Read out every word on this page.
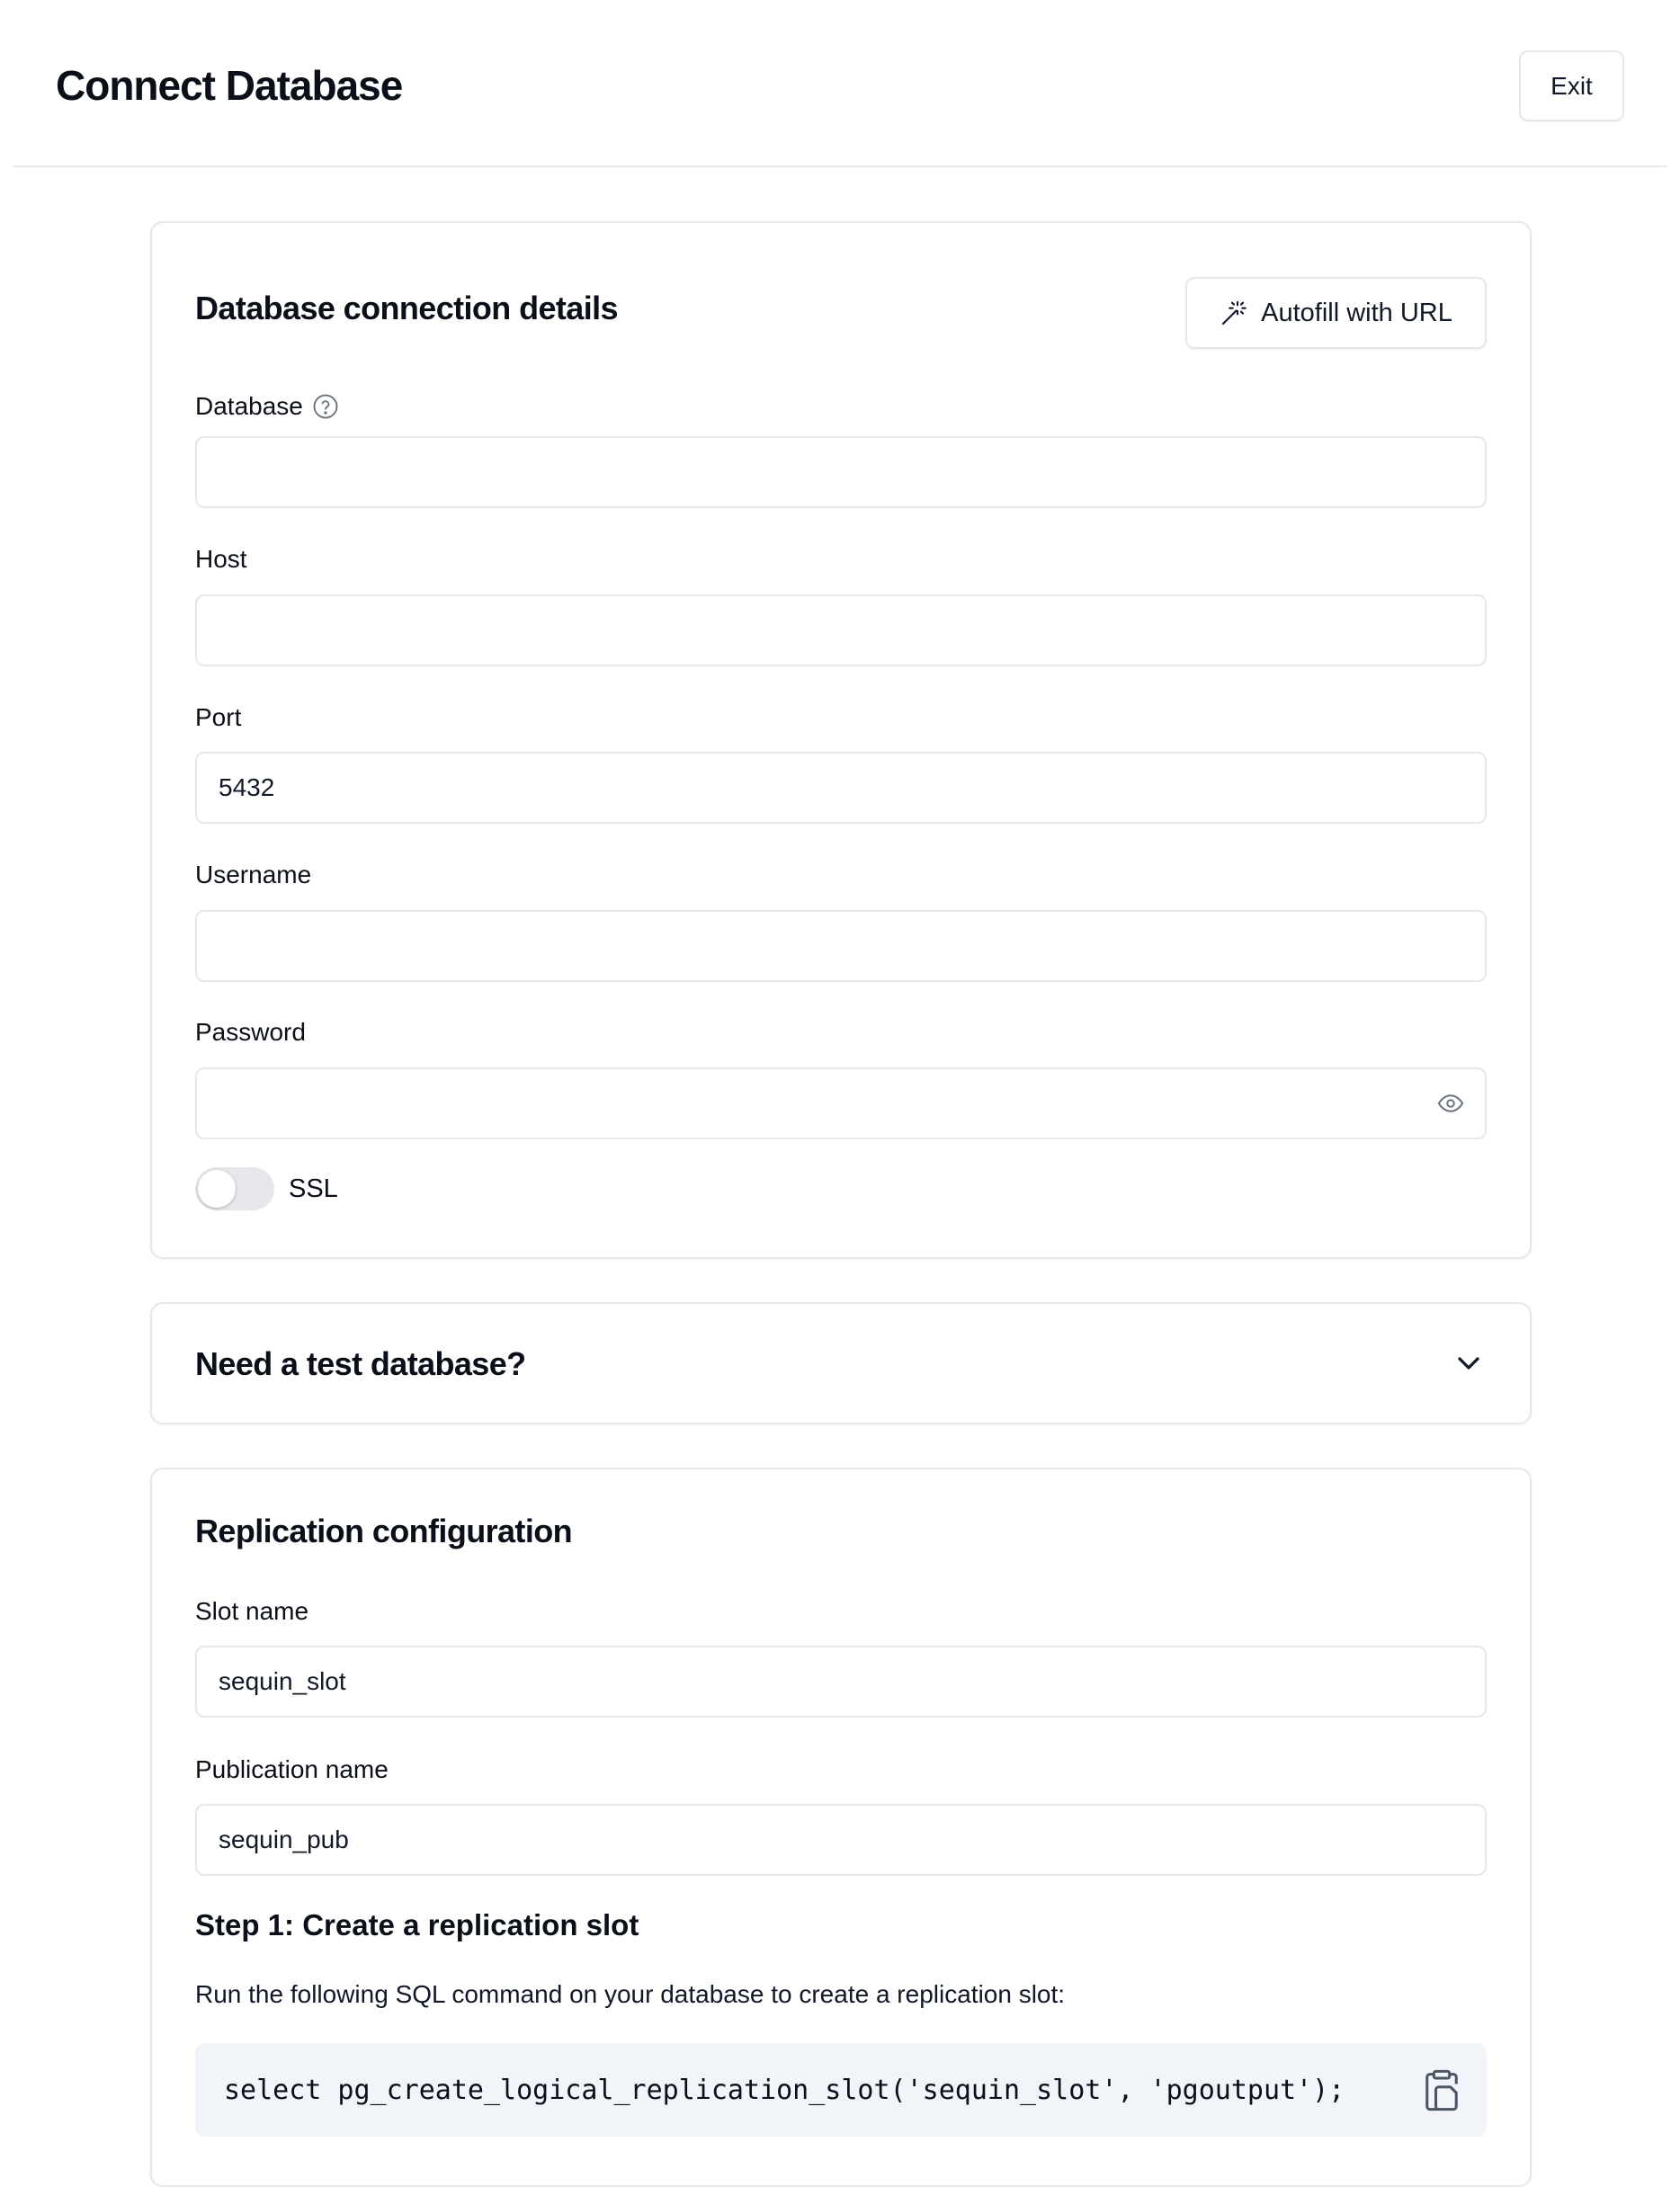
Connect Database	Exit
Database connection details	Autofill with URL
Database
Host
Port
5432
Username
Password
SSL
Need a test database?
Replication configuration
Slot name
sequin_slot
Publication name
sequin_pub
Step 1: Create a replication slot
Run the following SQL command on your database to create a replication slot:
select pg_create_logical_replication_slot('sequin_slot', 'pgoutput');
